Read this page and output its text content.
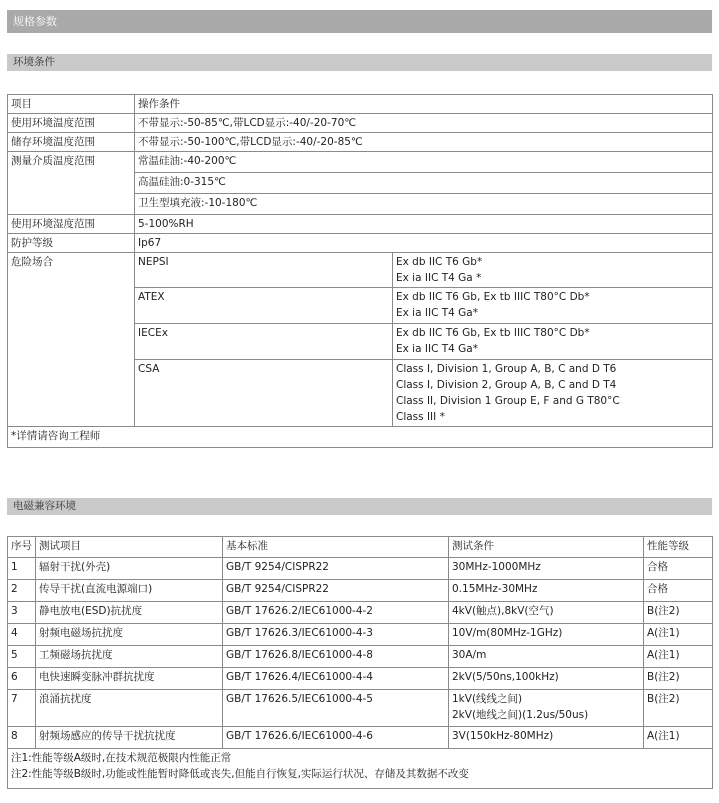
规格参数
环境条件
项目	操作条件	
使用环境温度范围	不带显示:-50-85℃,带LCD显示:-40/-20-70℃	
储存环境温度范围	不带显示:-50-100℃,带LCD显示:-40/-20-85℃	
测量介质温度范围	常温硅油:-40-200℃	
	高温硅油:0-315℃	
	卫生型填充液:-10-180℃	
使用环境湿度范围	5-100%RH	
防护等级	Ip67	
危险场合	NEPSI	Ex db IIC T6 Gb*
Ex ia IIC T4 Ga *

	ATEX	Ex db IIC T6 Gb, Ex tb IIIC T80°C Db*
Ex ia IIC T4 Ga*

	IECEx	Ex db IIC T6 Gb, Ex tb IIIC T80°C Db*
Ex ia IIC T4 Ga*

	CSA	Class I, Division 1, Group A, B, C and D T6
Class I, Division 2, Group A, B, C and D T4
Class II, Division 1 Group E, F and G T80°C
Class III *

*详情请咨询工程师		
电磁兼容环境
序号	测试项目	基本标准	测试条件	性能等级
1	辐射干扰(外壳)	GB/T 9254/CISPR22	30MHz-1000MHz	合格
2	传导干扰(直流电源端口)	GB/T 9254/CISPR22	0.15MHz-30MHz	合格
3	静电放电(ESD)抗扰度	GB/T 17626.2/IEC61000-4-2	4kV(触点),8kV(空气)	B(注2)
4	射频电磁场抗扰度	GB/T 17626.3/IEC61000-4-3	10V/m(80MHz-1GHz)	A(注1)
5	工频磁场抗扰度	GB/T 17626.8/IEC61000-4-8	30A/m	A(注1)
6	电快速瞬变脉冲群抗扰度	GB/T 17626.4/IEC61000-4-4	2kV(5/50ns,100kHz)	B(注2)
7	浪涌抗扰度	GB/T 17626.5/IEC61000-4-5	1kV(线线之间)
2kV(地线之间)(1.2us/50us)	B(注2)
8	射频场感应的传导干扰抗扰度	GB/T 17626.6/IEC61000-4-6	3V(150kHz-80MHz)	A(注1)

注1:性能等级A级时,在技术规范极限内性能正常
注2:性能等级B级时,功能或性能暂时降低或丧失,但能自行恢复,实际运行状况、存储及其数据不改变				
